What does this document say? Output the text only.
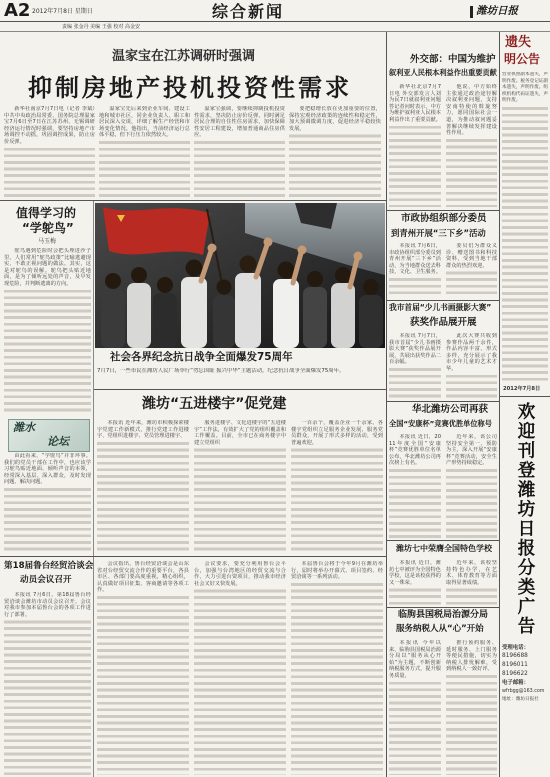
A2 2012年7月8日 星期日	综合新闻	潍坊日报
责编 张金丹 美编 王强 校对 高金安
温家宝在江苏调研时强调
抑制房地产投机投资性需求
新华社南京7月7日电（记者 李斌）中共中央政治局常委、国务院总理温家宝7月6日至7日在江苏苏州、无锡调研经济运行情况时强调，要坚持房地产市场调控不动摇，巩固调控成果，防止房价反弹。
温家宝先后来到企业车间、建设工地和城市社区，同企业负责人、职工和居民深入交谈，详细了解生产经营和市场变化情况。他指出，当前经济运行总体平稳，但下行压力依然较大。
温家宝强调，要继续抑制投机投资性需求，坚决防止房价反弹，同时满足居民合理的自住性住房需求，加快保障性安居工程建设，增加普通商品住房供应。
要把稳增长放在更加重要的位置，保持宏观经济政策的连续性和稳定性，加大预调微调力度，促进经济平稳较快发展。
值得学习的
“学鸵鸟”
马玉梅
鸵鸟遇到危险时会把头埋进沙子里，人们常用“鸵鸟政策”比喻逃避现实、不敢正视问题的做法。其实，这是对鸵鸟的误解。鸵鸟把头贴近地面，是为了倾听远处的声音，及早发现危险，并判断逃离的方向。
潍水
论坛
由此看来，“学鸵鸟”并非坏事。我们的党员干部在工作中，也应该学习鸵鸟贴近地面、倾听声音的本领，经常深入基层、深入群众，及时发现问题、解决问题。
社会各界纪念抗日战争全面爆发75周年
7月7日，一些市民在潍坊人民广场举行“勿忘国耻 振兴中华”主题活动，纪念抗日战争全面爆发75周年。
潍坊“五进楼宇”促党建
本报讯 近年来，潍坊市积极探索楼宇党建工作新模式，推行党建工作进楼宇、党组织进楼宇、党员管理进楼宇、
服务进楼宇、文化进楼宇的“五进楼宇”工作法，有效扩大了党的组织覆盖和工作覆盖。目前，全市已在商务楼宇中建立党组织
一百余个，覆盖企业一千余家。各楼宇党组织立足服务企业发展、服务党员群众，开展了形式多样的活动，受到普遍欢迎。
第18届鲁台经贸洽谈会
动员会议召开
本报讯 7月6日，第18届鲁台经贸洽谈会潍坊市动员会议召开。会议对我市参加本届鲁台会的各项工作进行了部署。
会议指出，鲁台经贸洽谈会是山东省对台经贸交流合作的重要平台，各县市区、各部门要高度重视，精心组织，认真做好项目征集、客商邀请等各项工作。
会议要求，要充分利用鲁台会平台，加强与台湾地区的经贸交流与合作，大力引进台资项目，推动我市经济社会又好又快发展。
本届鲁台会将于今年9月在潍坊举行，届时将举办开幕式、项目签约、经贸洽谈等一系列活动。
外交部：中国为维护
叙利亚人民根本利益作出重要贡献
新华社北京7月7日电 外交部发言人刘为民7日就叙利亚问题答记者问时表示，中方为维护叙利亚人民根本利益作出了重要贡献。
他说，中方始终主张通过政治途径解决叙利亚问题，支持安南特使的斡旋努力，愿同国际社会一道，为推动叙问题妥善解决继续发挥建设性作用。
市政协组织部分委员
到青州开展“三下乡”活动
本报讯 7月6日，市政协组织部分委员到青州开展“三下乡”活动，为当地群众送去科技、文化、卫生服务。
委员们为群众义诊、赠送图书和科技资料，受到当地干部群众的热烈欢迎。
我市首届“少儿书画摄影大赛”
获奖作品展开展
本报讯 7月7日，我市首届“少儿书画摄影大赛”获奖作品展开展，共展出获奖作品二百余幅。
此次大赛共收到参赛作品两千余件，作品内容丰富、形式多样，充分展示了我市少年儿童的艺术才华。
华北潍坊公司再获
全国“安康杯”竞赛优胜单位称号
本报讯 近日，2011年度全国“安康杯”竞赛优胜单位名单公布，华北潍坊公司再次榜上有名。
近年来，该公司坚持安全第一、预防为主，深入开展“安康杯”竞赛活动，安全生产形势持续稳定。
潍坊七中荣膺全国特色学校
本报讯 近日，潍坊七中被评为全国特色学校，这是该校获得的又一殊荣。
近年来，该校坚持特色办学，在艺术、体育教育等方面取得显著成绩。
临朐县国税局治源分局
服务纳税人从“心”开始
本报讯 今年以来，临朐县国税局治源分局以“服务从心开始”为主题，不断创新纳税服务方式，提升服务质量，
推行预约服务、延时服务、上门服务等便民措施，切实为纳税人排忧解难，受到纳税人一致好评。
遗失
明公告
营业执照副本遗失，声明作废。税务登记证副本遗失，声明作废。组织机构代码证遗失，声明作废。
2012年7月8日
欢迎刊登潍坊日报分类广告
受理电话：
8196688
8196011
8196622
电子邮箱：
wfrbgg@163.com
地址：潍坊日报社
